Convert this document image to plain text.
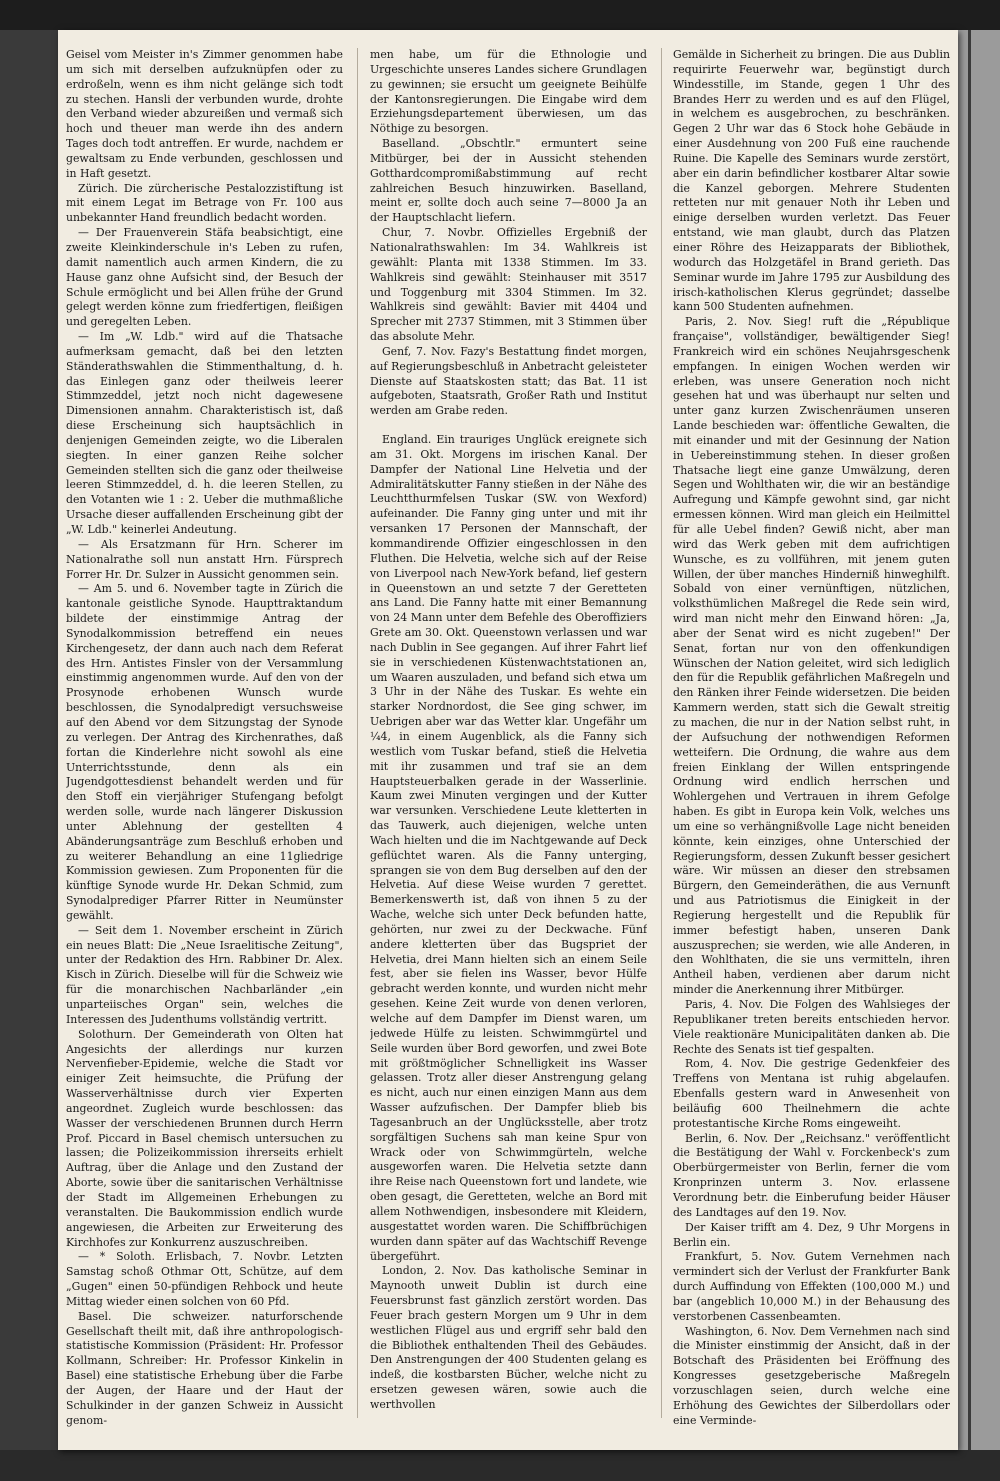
Geisel vom Meister in's Zimmer genommen habe um sich mit derselben aufzuknüpfen oder zu erdroßeln, wenn es ihm nicht gelänge sich todt zu stechen. Hansli der verbunden wurde, drohte den Verband wieder abzureißen und vermaß sich hoch und theuer man werde ihn des andern Tages doch todt antreffen. Er wurde, nachdem er gewaltsam zu Ende verbunden, geschlossen und in Haft gesetzt.

Zürich. Die zürcherische Pestalozzistiftung ist mit einem Legat im Betrage von Fr. 100 aus unbekannter Hand freundlich bedacht worden.

— Der Frauenverein Stäfa beabsichtigt, eine zweite Kleinkinderschule in's Leben zu rufen, damit namentlich auch armen Kindern, die zu Hause ganz ohne Aufsicht sind, der Besuch der Schule ermöglicht und bei Allen frühe der Grund gelegt werden könne zum friedfertigen, fleißigen und geregelten Leben.

— Im „W. Ldb." wird auf die Thatsache aufmerksam gemacht, daß bei den letzten Ständerathswahlen die Stimmenthaltung, d. h. das Einlegen ganz oder theilweis leerer Stimmzeddel, jetzt noch nicht dagewesene Dimensionen annahm. Charakteristisch ist, daß diese Erscheinung sich hauptsächlich in denjenigen Gemeinden zeigte, wo die Liberalen siegten. In einer ganzen Reihe solcher Gemeinden stellten sich die ganz oder theilweise leeren Stimmzeddel, d. h. die leeren Stellen, zu den Votanten wie 1 : 2. Ueber die muthmaßliche Ursache dieser auffallenden Erscheinung gibt der „W. Ldb." keinerlei Andeutung.

— Als Ersatzmann für Hrn. Scherer im Nationalrathe soll nun anstatt Hrn. Fürsprech Forrer Hr. Dr. Sulzer in Aussicht genommen sein.

— Am 5. und 6. November tagte in Zürich die kantonale geistliche Synode. Haupttraktandum bildete der einstimmige Antrag der Synodalkommission betreffend ein neues Kirchengesetz, der dann auch nach dem Referat des Hrn. Antistes Finsler von der Versammlung einstimmig angenommen wurde. Auf den von der Prosynode erhobenen Wunsch wurde beschlossen, die Synodalpredigt versuchsweise auf den Abend vor dem Sitzungstag der Synode zu verlegen. Der Antrag des Kirchenrathes, daß fortan die Kinderlehre nicht sowohl als eine Unterrichtsstunde, denn als ein Jugendgottesdienst behandelt werden und für den Stoff ein vierjähriger Stufengang befolgt werden solle, wurde nach längerer Diskussion unter Ablehnung der gestellten 4 Abänderungsanträge zum Beschluß erhoben und zu weiterer Behandlung an eine 11gliedrige Kommission gewiesen. Zum Proponenten für die künftige Synode wurde Hr. Dekan Schmid, zum Synodalprediger Pfarrer Ritter in Neumünster gewählt.

— Seit dem 1. November erscheint in Zürich ein neues Blatt: Die „Neue Israelitische Zeitung", unter der Redaktion des Hrn. Rabbiner Dr. Alex. Kisch in Zürich. Dieselbe will für die Schweiz wie für die monarchischen Nachbarländer „ein unparteiisches Organ" sein, welches die Interessen des Judenthums vollständig vertritt.

Solothurn. Der Gemeinderath von Olten hat Angesichts der allerdings nur kurzen Nervenfieber-Epidemie, welche die Stadt vor einiger Zeit heimsuchte, die Prüfung der Wasserverhältnisse durch vier Experten angeordnet. Zugleich wurde beschlossen: das Wasser der verschiedenen Brunnen durch Herrn Prof. Piccard in Basel chemisch untersuchen zu lassen; die Polizeikommission ihrerseits erhielt Auftrag, über die Anlage und den Zustand der Aborte, sowie über die sanitarischen Verhältnisse der Stadt im Allgemeinen Erhebungen zu veranstalten. Die Baukommission endlich wurde angewiesen, die Arbeiten zur Erweiterung des Kirchhofes zur Konkurrenz auszuschreiben.

— * Soloth. Erlisbach, 7. Novbr. Letzten Samstag schoß Othmar Ott, Schütze, auf dem „Gugen" einen 50-pfündigen Rehbock und heute Mittag wieder einen solchen von 60 Pfd.

Basel. Die schweizer. naturforschende Gesellschaft theilt mit, daß ihre anthropologisch-statistische Kommission (Präsident: Hr. Professor Kollmann, Schreiber: Hr. Professor Kinkelin in Basel) eine statistische Erhebung über die Farbe der Augen, der Haare und der Haut der Schulkinder in der ganzen Schweiz in Aussicht genom-

men habe, um für die Ethnologie und Urgeschichte unseres Landes sichere Grundlagen zu gewinnen; sie ersucht um geeignete Beihülfe der Kantonsregierungen. Die Eingabe wird dem Erziehungsdepartement überwiesen, um das Nöthige zu besorgen.

Baselland. „Obschtlr." ermuntert seine Mitbürger, bei der in Aussicht stehenden Gotthardcompromißabstimmung auf recht zahlreichen Besuch hinzuwirken. Baselland, meint er, sollte doch auch seine 7—8000 Ja an der Hauptschlacht liefern.

Chur, 7. Novbr. Offizielles Ergebniß der Nationalrathswahlen: Im 34. Wahlkreis ist gewählt: Planta mit 1338 Stimmen. Im 33. Wahlkreis sind gewählt: Steinhauser mit 3517 und Toggenburg mit 3304 Stimmen. Im 32. Wahlkreis sind gewählt: Bavier mit 4404 und Sprecher mit 2737 Stimmen, mit 3 Stimmen über das absolute Mehr.

Genf, 7. Nov. Fazy's Bestattung findet morgen, auf Regierungsbeschluß in Anbetracht geleisteter Dienste auf Staatskosten statt; das Bat. 11 ist aufgeboten, Staatsrath, Großer Rath und Institut werden am Grabe reden.

England. Ein trauriges Unglück ereignete sich am 31. Okt. Morgens im irischen Kanal. Der Dampfer der National Line Helvetia und der Admiralitätskutter Fanny stießen in der Nähe des Leuchtthurmfelsen Tuskar (SW. von Wexford) aufeinander. Die Fanny ging unter und mit ihr versanken 17 Personen der Mannschaft, der kommandirende Offizier eingeschlossen in den Fluthen. Die Helvetia, welche sich auf der Reise von Liverpool nach New-York befand, lief gestern in Queenstown an und setzte 7 der Geretteten ans Land. Die Fanny hatte mit einer Bemannung von 24 Mann unter dem Befehle des Oberoffiziers Grete am 30. Okt. Queenstown verlassen und war nach Dublin in See gegangen. Auf ihrer Fahrt lief sie in verschiedenen Küstenwachtstationen an, um Waaren auszuladen, und befand sich etwa um 3 Uhr in der Nähe des Tuskar. Es wehte ein starker Nordnordost, die See ging schwer, im Uebrigen aber war das Wetter klar. Ungefähr um ¼4, in einem Augenblick, als die Fanny sich westlich vom Tuskar befand, stieß die Helvetia mit ihr zusammen und traf sie an dem Hauptsteuerbalken gerade in der Wasserlinie. Kaum zwei Minuten vergingen und der Kutter war versunken. Verschiedene Leute kletterten in das Tauwerk, auch diejenigen, welche unten Wach hielten und die im Nachtgewande auf Deck geflüchtet waren. Als die Fanny unterging, sprangen sie von dem Bug derselben auf den der Helvetia. Auf diese Weise wurden 7 gerettet. Bemerkenswerth ist, daß von ihnen 5 zu der Wache, welche sich unter Deck befunden hatte, gehörten, nur zwei zu der Deckwache. Fünf andere kletterten über das Bugspriet der Helvetia, drei Mann hielten sich an einem Seile fest, aber sie fielen ins Wasser, bevor Hülfe gebracht werden konnte, und wurden nicht mehr gesehen. Keine Zeit wurde von denen verloren, welche auf dem Dampfer im Dienst waren, um jedwede Hülfe zu leisten. Schwimmgürtel und Seile wurden über Bord geworfen, und zwei Bote mit größtmöglicher Schnelligkeit ins Wasser gelassen. Trotz aller dieser Anstrengung gelang es nicht, auch nur einen einzigen Mann aus dem Wasser aufzufischen. Der Dampfer blieb bis Tagesanbruch an der Unglücksstelle, aber trotz sorgfältigen Suchens sah man keine Spur von Wrack oder von Schwimmgürteln, welche ausgeworfen waren. Die Helvetia setzte dann ihre Reise nach Queenstown fort und landete, wie oben gesagt, die Geretteten, welche an Bord mit allem Nothwendigen, insbesondere mit Kleidern, ausgestattet worden waren. Die Schiffbrüchigen wurden dann später auf das Wachtschiff Revenge übergeführt.

London, 2. Nov. Das katholische Seminar in Maynooth unweit Dublin ist durch eine Feuersbrunst fast gänzlich zerstört worden. Das Feuer brach gestern Morgen um 9 Uhr in dem westlichen Flügel aus und ergriff sehr bald den die Bibliothek enthaltenden Theil des Gebäudes. Den Anstrengungen der 400 Studenten gelang es indeß, die kostbarsten Bücher, welche nicht zu ersetzen gewesen wären, sowie auch die werthvollen

Gemälde in Sicherheit zu bringen. Die aus Dublin requirirte Feuerwehr war, begünstigt durch Windesstille, im Stande, gegen 1 Uhr des Brandes Herr zu werden und es auf den Flügel, in welchem es ausgebrochen, zu beschränken. Gegen 2 Uhr war das 6 Stock hohe Gebäude in einer Ausdehnung von 200 Fuß eine rauchende Ruine. Die Kapelle des Seminars wurde zerstört, aber ein darin befindlicher kostbarer Altar sowie die Kanzel geborgen. Mehrere Studenten retteten nur mit genauer Noth ihr Leben und einige derselben wurden verletzt. Das Feuer entstand, wie man glaubt, durch das Platzen einer Röhre des Heizapparats der Bibliothek, wodurch das Holzgetäfel in Brand gerieth. Das Seminar wurde im Jahre 1795 zur Ausbildung des irisch-katholischen Klerus gegründet; dasselbe kann 500 Studenten aufnehmen.

Paris, 2. Nov. Sieg! ruft die „République française", vollständiger, bewältigender Sieg! Frankreich wird ein schönes Neujahrsgeschenk empfangen. In einigen Wochen werden wir erleben, was unsere Generation noch nicht gesehen hat und was überhaupt nur selten und unter ganz kurzen Zwischenräumen unseren Lande beschieden war: öffentliche Gewalten, die mit einander und mit der Gesinnung der Nation in Uebereinstimmung stehen. In dieser großen Thatsache liegt eine ganze Umwälzung, deren Segen und Wohlthaten wir, die wir an beständige Aufregung und Kämpfe gewohnt sind, gar nicht ermessen können. Wird man gleich ein Heilmittel für alle Uebel finden? Gewiß nicht, aber man wird das Werk geben mit dem aufrichtigen Wunsche, es zu vollführen, mit jenem guten Willen, der über manches Hinderniß hinweghilft. Sobald von einer vernünftigen, nützlichen, volksthümlichen Maßregel die Rede sein wird, wird man nicht mehr den Einwand hören: „Ja, aber der Senat wird es nicht zugeben!" Der Senat, fortan nur von den offenkundigen Wünschen der Nation geleitet, wird sich lediglich den für die Republik gefährlichen Maßregeln und den Ränken ihrer Feinde widersetzen. Die beiden Kammern werden, statt sich die Gewalt streitig zu machen, die nur in der Nation selbst ruht, in der Aufsuchung der nothwendigen Reformen wetteifern. Die Ordnung, die wahre aus dem freien Einklang der Willen entspringende Ordnung wird endlich herrschen und Wohlergehen und Vertrauen in ihrem Gefolge haben. Es gibt in Europa kein Volk, welches uns um eine so verhängnißvolle Lage nicht beneiden könnte, kein einziges, ohne Unterschied der Regierungsform, dessen Zukunft besser gesichert wäre. Wir müssen an dieser den strebsamen Bürgern, den Gemeinderäthen, die aus Vernunft und aus Patriotismus die Einigkeit in der Regierung hergestellt und die Republik für immer befestigt haben, unseren Dank auszusprechen; sie werden, wie alle Anderen, in den Wohlthaten, die sie uns vermitteln, ihren Antheil haben, verdienen aber darum nicht minder die Anerkennung ihrer Mitbürger.

Paris, 4. Nov. Die Folgen des Wahlsieges der Republikaner treten bereits entschieden hervor. Viele reaktionäre Municipalitäten danken ab. Die Rechte des Senats ist tief gespalten.

Rom, 4. Nov. Die gestrige Gedenkfeier des Treffens von Mentana ist ruhig abgelaufen. Ebenfalls gestern ward in Anwesenheit von beiläufig 600 Theilnehmern die achte protestantische Kirche Roms eingeweiht.

Berlin, 6. Nov. Der „Reichsanz." veröffentlicht die Bestätigung der Wahl v. Forckenbeck's zum Oberbürgermeister von Berlin, ferner die vom Kronprinzen unterm 3. Nov. erlassene Verordnung betr. die Einberufung beider Häuser des Landtages auf den 19. Nov.

Der Kaiser trifft am 4. Dez, 9 Uhr Morgens in Berlin ein.

Frankfurt, 5. Nov. Gutem Vernehmen nach vermindert sich der Verlust der Frankfurter Bank durch Auffindung von Effekten (100,000 M.) und bar (angeblich 10,000 M.) in der Behausung des verstorbenen Cassenbeamten.

Washington, 6. Nov. Dem Vernehmen nach sind die Minister einstimmig der Ansicht, daß in der Botschaft des Präsidenten bei Eröffnung des Kongresses gesetzgeberische Maßregeln vorzuschlagen seien, durch welche eine Erhöhung des Gewichtes der Silberdollars oder eine Verminde-
